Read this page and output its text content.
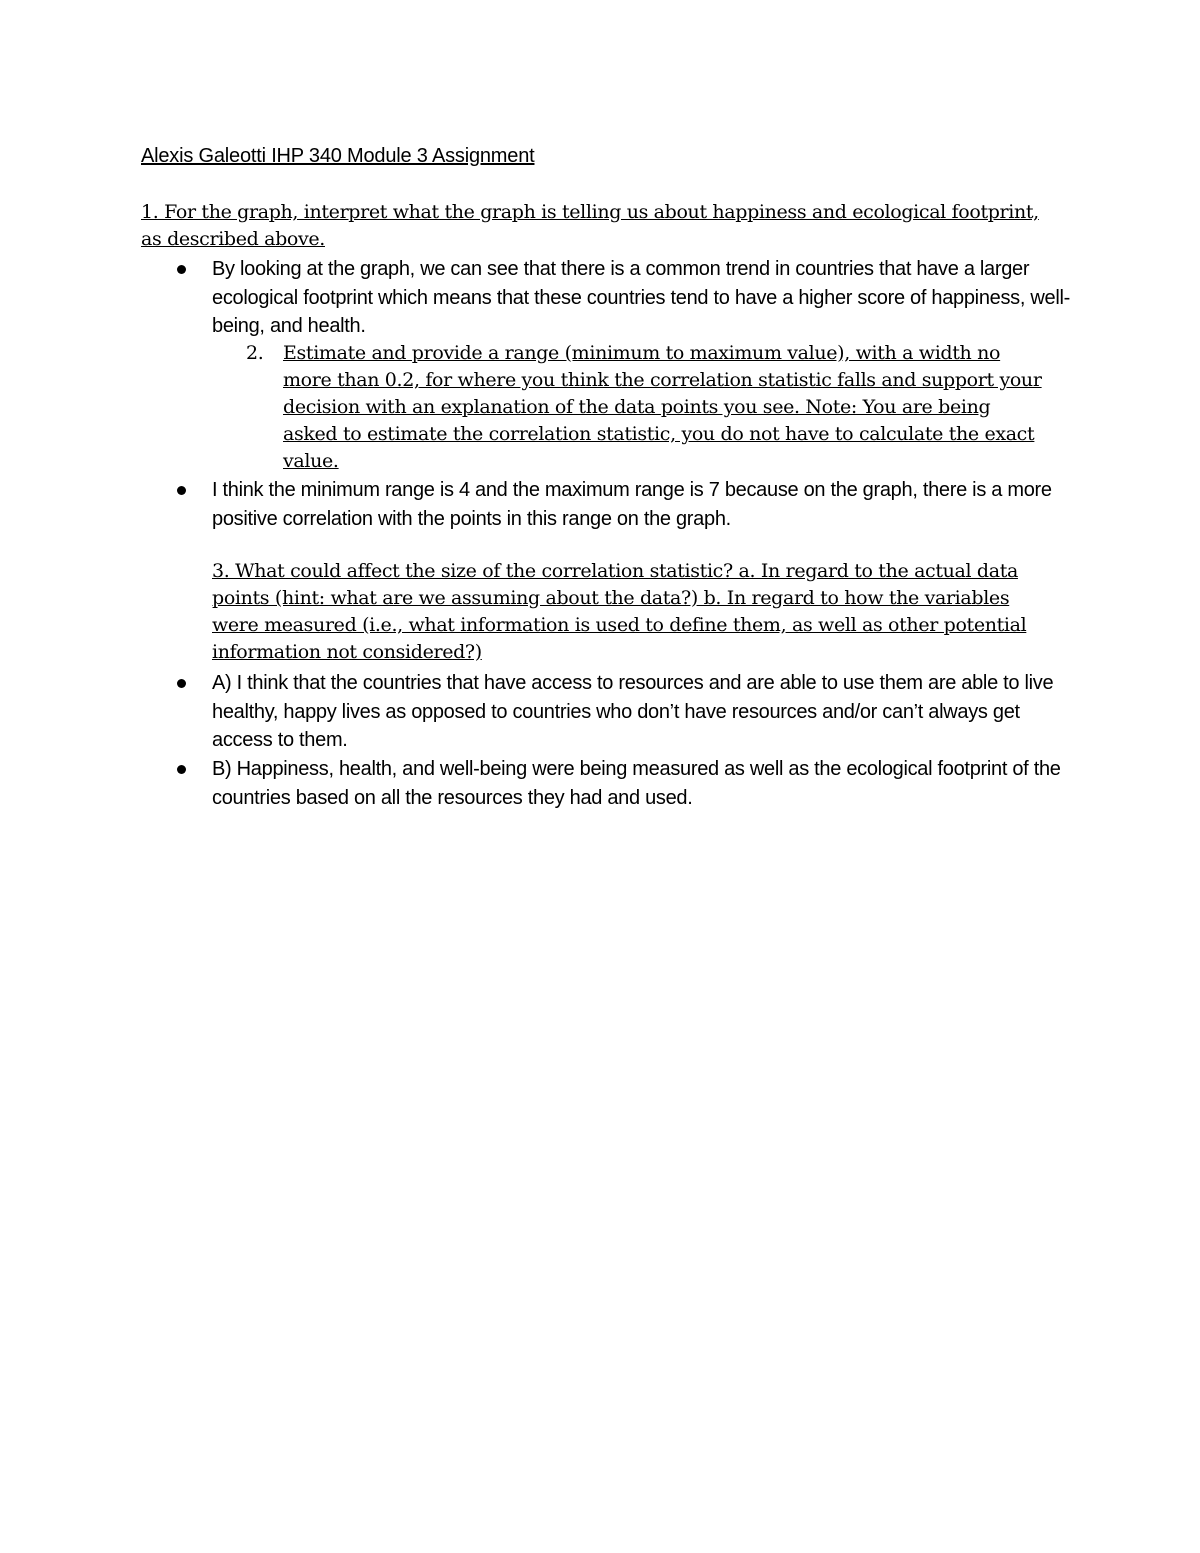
Alexis Galeotti IHP 340 Module 3 Assignment
1. For the graph, interpret what the graph is telling us about happiness and ecological footprint, as described above.
By looking at the graph, we can see that there is a common trend in countries that have a larger ecological footprint which means that these countries tend to have a higher score of happiness, well-being, and health.
2. Estimate and provide a range (minimum to maximum value), with a width no more than 0.2, for where you think the correlation statistic falls and support your decision with an explanation of the data points you see. Note: You are being asked to estimate the correlation statistic, you do not have to calculate the exact value.
I think the minimum range is 4 and the maximum range is 7 because on the graph, there is a more positive correlation with the points in this range on the graph.
3. What could affect the size of the correlation statistic? a. In regard to the actual data points (hint: what are we assuming about the data?) b. In regard to how the variables were measured (i.e., what information is used to define them, as well as other potential information not considered?)
A) I think that the countries that have access to resources and are able to use them are able to live healthy, happy lives as opposed to countries who don’t have resources and/or can’t always get access to them.
B) Happiness, health, and well-being were being measured as well as the ecological footprint of the countries based on all the resources they had and used.
